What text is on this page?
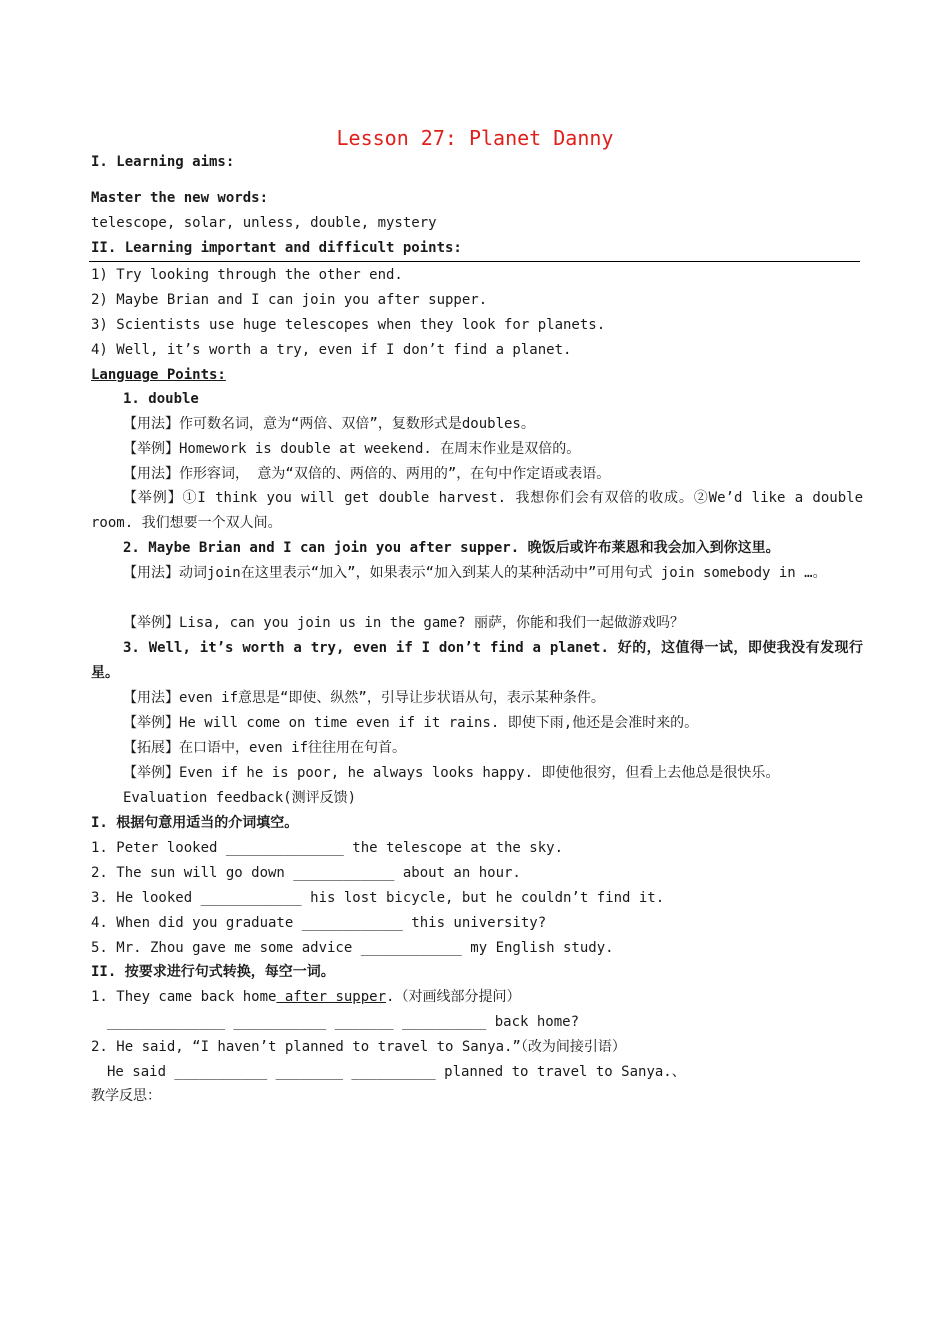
Lesson 27: Planet Danny
I. Learning aims:
Master the new words:
telescope, solar, unless, double, mystery
II. Learning important and difficult points:
1) Try looking through the other end.
2) Maybe Brian and I can join you after supper.
3) Scientists use huge telescopes when they look for planets.
4) Well, it’s worth a try, even if I don’t find a planet.
Language Points:
1. double
【用法】作可数名词，意为“两倍、双倍”，复数形式是doubles。
【举例】Homework is double at weekend. 在周末作业是双倍的。
【用法】作形容词， 意为“双倍的、两倍的、两用的”，在句中作定语或表语。
【举例】①I think you will get double harvest. 我想你们会有双倍的收成。②We’d like a double room. 我们想要一个双人间。
2. Maybe Brian and I can join you after supper. 晚饭后或许布莱恩和我会加入到你这里。
【用法】动词join在这里表示“加入”，如果表示“加入到某人的某种活动中”可用句式 join somebody in …。
【举例】Lisa, can you join us in the game? 丽萨，你能和我们一起做游戏吗？
3. Well, it’s worth a try, even if I don’t find a planet. 好的，这值得一试，即使我没有发现行星。
【用法】even if意思是“即使、纵然”，引导让步状语从句，表示某种条件。
【举例】He will come on time even if it rains. 即使下雨,他还是会准时来的。
【拓展】在口语中，even if往往用在句首。
【举例】Even if he is poor, he always looks happy. 即使他很穷，但看上去他总是很快乐。
Evaluation feedback(测评反馈)
I. 根据句意用适当的介词填空。
1. Peter looked ______________ the telescope at the sky.
2. The sun will go down ____________ about an hour.
3. He looked ____________ his lost bicycle, but he couldn’t find it.
4. When did you graduate ____________ this university?
5. Mr. Zhou gave me some advice ____________ my English study.
II. 按要求进行句式转换，每空一词。
1. They came back home after supper.（对画线部分提问）
______________ ___________ _______ __________ back home?
2. He said, “I haven’t planned to travel to Sanya.”（改为间接引语）
He said ___________ ________ __________ planned to travel to Sanya.、
教学反思：
